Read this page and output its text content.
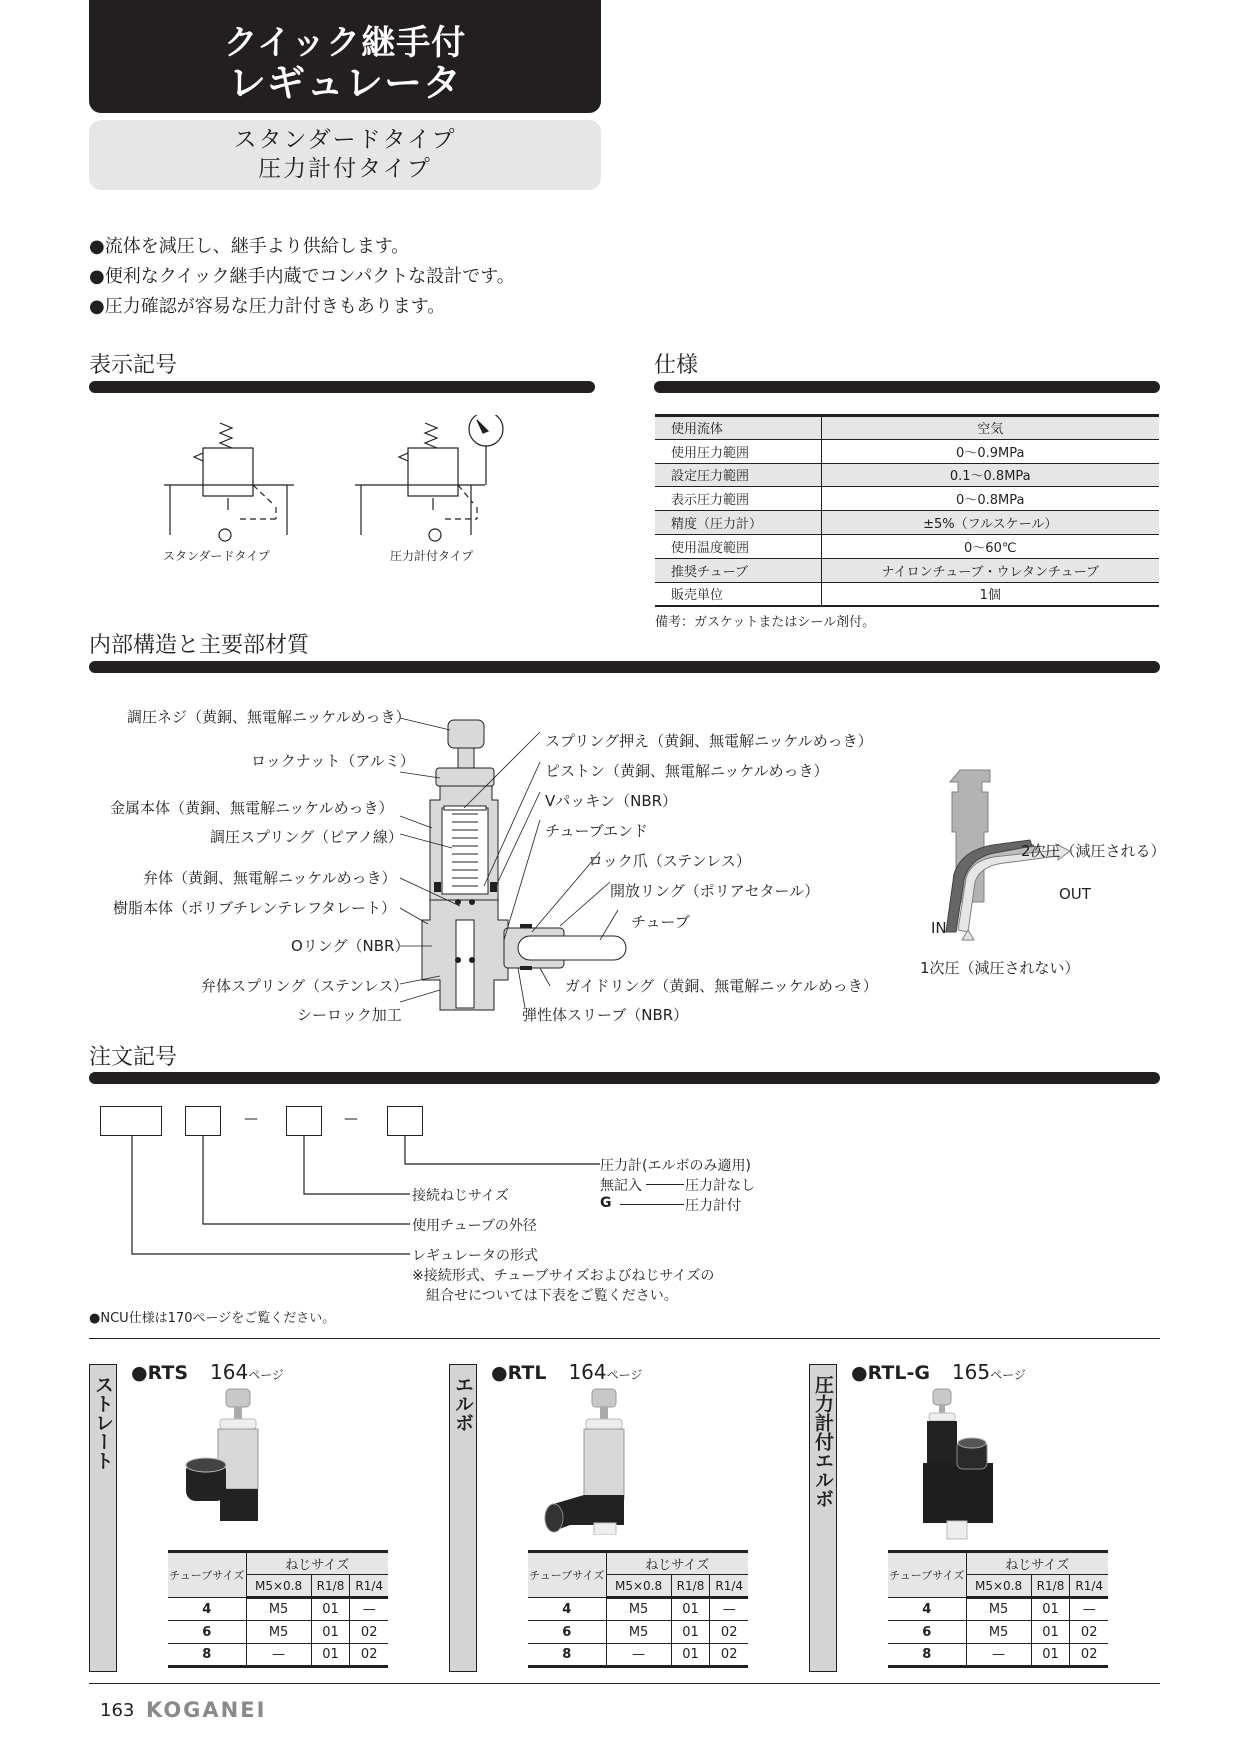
クイック継手付
レギュレータ
スタンダードタイプ
圧力計付タイプ
● 流体を減圧し、継手より供給します。
● 便利なクイック継手内蔵でコンパクトな設計です。
● 圧力確認が容易な圧力計付きもあります。
表示記号
スタンダードタイプ	圧力計付タイプ
仕様
使用流体	空気
使用圧力範囲	0〜0.9MPa
設定圧力範囲	0.1〜0.8MPa
表示圧力範囲	0〜0.8MPa
精度（圧力計）	±5%（フルスケール）
使用温度範囲	0〜60℃
推奨チューブ	ナイロンチューブ・ウレタンチューブ
販売単位	1個
備考：ガスケットまたはシール剤付。
内部構造と主要部材質
調圧ネジ（黄銅、無電解ニッケルめっき）
ロックナット（アルミ）
金属本体（黄銅、無電解ニッケルめっき）
調圧スプリング（ピアノ線）
弁体（黄銅、無電解ニッケルめっき）
樹脂本体（ポリブチレンテレフタレート）
Oリング（NBR）
弁体スプリング（ステンレス）
シーロック加工
スプリング押え（黄銅、無電解ニッケルめっき）
ピストン（黄銅、無電解ニッケルめっき）
Vパッキン（NBR）
チューブエンド
ロック爪（ステンレス）
開放リング（ポリアセタール）
チューブ
ガイドリング（黄銅、無電解ニッケルめっき）
弾性体スリーブ（NBR）
2次圧（減圧される）
OUT
IN
1次圧（減圧されない）
注文記号
—	—
圧力計(エルボのみ適用)
無記入	圧力計なし
G	圧力計付
接続ねじサイズ
使用チューブの外径
レギュレータの形式
※接続形式、チューブサイズおよびねじサイズの
組合せについては下表をご覧ください。
●NCU仕様は170ページをご覧ください。
ストレート
●RTS 164ページ
チューブサイズ	ねじサイズ		
	M5×0.8	R1/8	R1/4
4	M5	01	—
6	M5	01	02
8	—	01	02
エルボ
●RTL 164ページ
チューブサイズ	ねじサイズ		
	M5×0.8	R1/8	R1/4
4	M5	01	—
6	M5	01	02
8	—	01	02
圧力計付エルボ
●RTL-G 165ページ
チューブサイズ	ねじサイズ		
	M5×0.8	R1/8	R1/4
4	M5	01	—
6	M5	01	02
8	—	01	02
163 KOGANEI
